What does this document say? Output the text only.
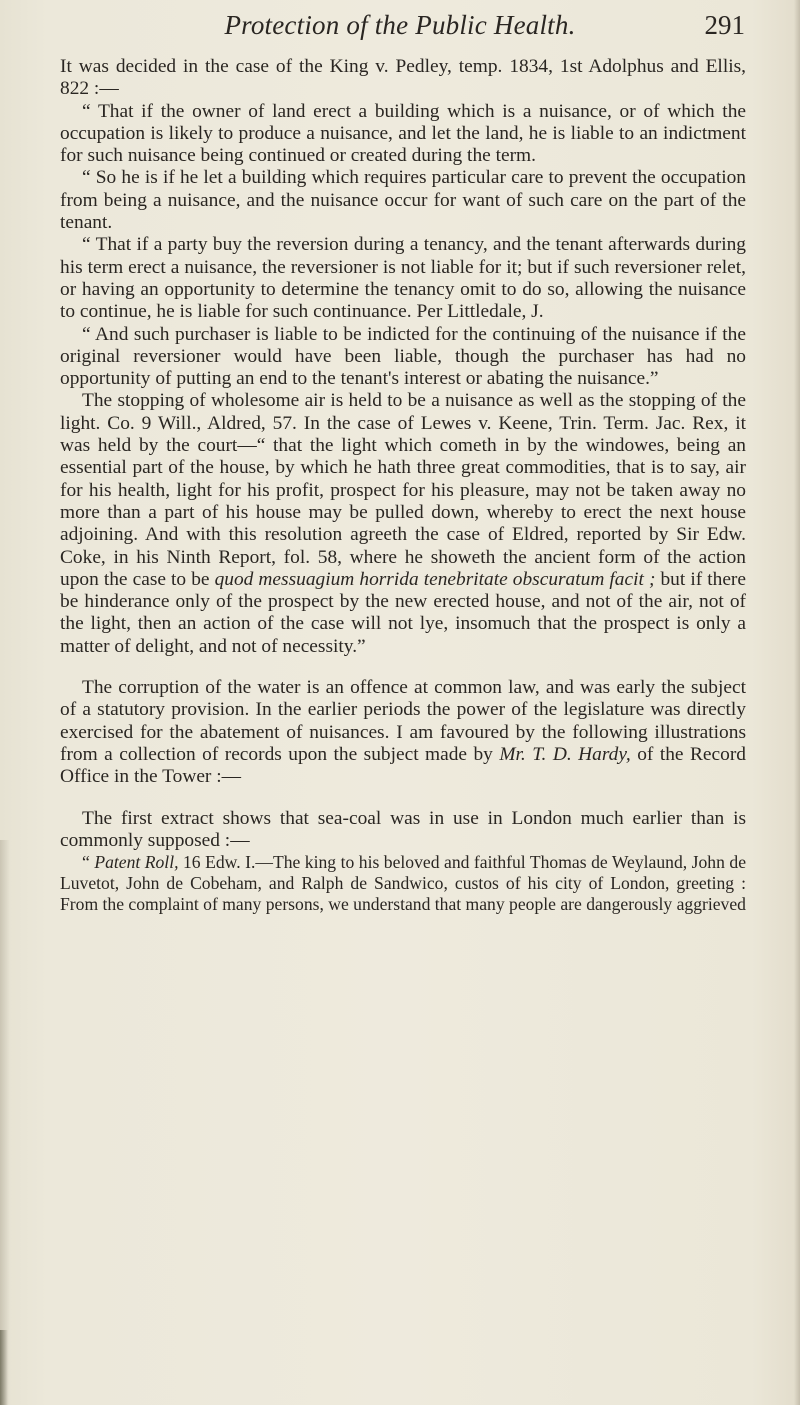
Protection of the Public Health.	291

It was decided in the case of the King v. Pedley, temp. 1834, 1st Adolphus and Ellis, 822 :—

“ That if the owner of land erect a building which is a nuisance, or of which the occupation is likely to produce a nuisance, and let the land, he is liable to an indictment for such nuisance being continued or created during the term.

“ So he is if he let a building which requires particular care to prevent the occupation from being a nuisance, and the nuisance occur for want of such care on the part of the tenant.

“ That if a party buy the reversion during a tenancy, and the tenant afterwards during his term erect a nuisance, the reversioner is not liable for it; but if such reversioner relet, or having an opportunity to determine the tenancy omit to do so, allowing the nuisance to continue, he is liable for such continuance. Per Littledale, J.

“ And such purchaser is liable to be indicted for the continuing of the nuisance if the original reversioner would have been liable, though the purchaser has had no opportunity of putting an end to the tenant's interest or abating the nuisance.”

The stopping of wholesome air is held to be a nuisance as well as the stopping of the light. Co. 9 Will., Aldred, 57. In the case of Lewes v. Keene, Trin. Term. Jac. Rex, it was held by the court—“ that the light which cometh in by the windowes, being an essential part of the house, by which he hath three great commodities, that is to say, air for his health, light for his profit, prospect for his pleasure, may not be taken away no more than a part of his house may be pulled down, whereby to erect the next house adjoining. And with this resolution agreeth the case of Eldred, reported by Sir Edw. Coke, in his Ninth Report, fol. 58, where he showeth the ancient form of the action upon the case to be quod messuagium horrida tenebritate obscuratum facit ; but if there be hinderance only of the prospect by the new erected house, and not of the air, not of the light, then an action of the case will not lye, insomuch that the prospect is only a matter of delight, and not of necessity.”

The corruption of the water is an offence at common law, and was early the subject of a statutory provision. In the earlier periods the power of the legislature was directly exercised for the abatement of nuisances. I am favoured by the following illustrations from a collection of records upon the subject made by Mr. T. D. Hardy, of the Record Office in the Tower :—

The first extract shows that sea-coal was in use in London much earlier than is commonly supposed :—

“ Patent Roll, 16 Edw. I.—The king to his beloved and faithful Thomas de Weylaund, John de Luvetot, John de Cobeham, and Ralph de Sandwico, custos of his city of London, greeting : From the complaint of many persons, we understand that many people are dangerously aggrieved
